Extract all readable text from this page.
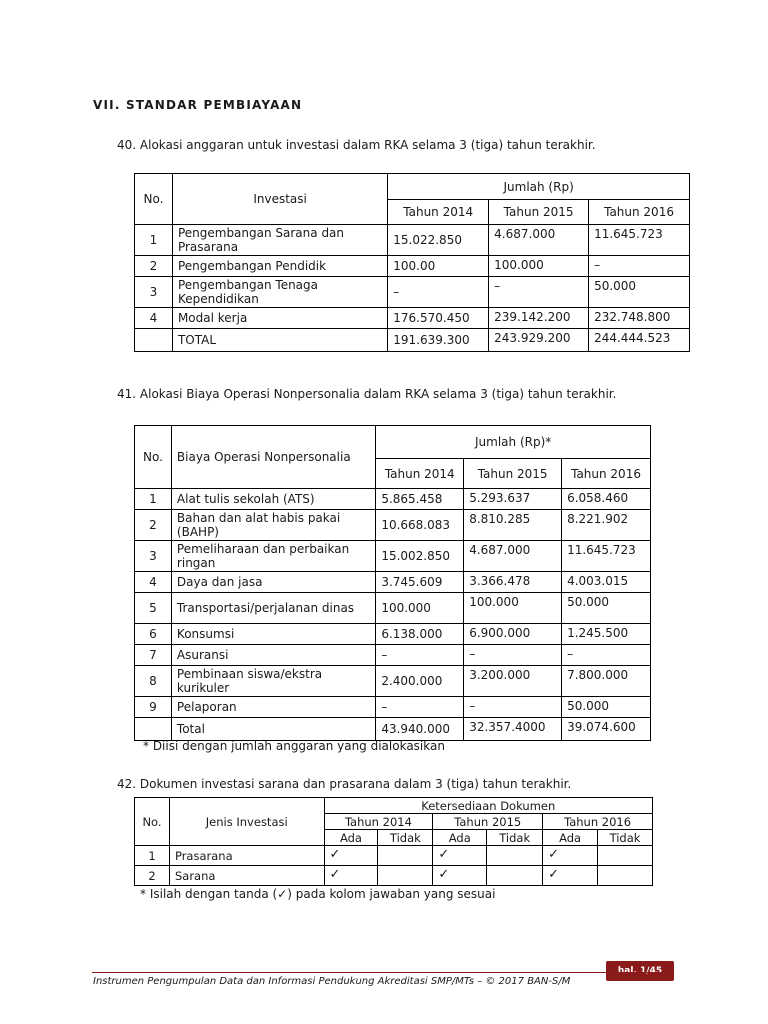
VII. STANDAR PEMBIAYAAN
40. Alokasi anggaran untuk investasi dalam RKA selama 3 (tiga) tahun terakhir.
No.	Investasi	Jumlah (Rp)		
		Tahun 2014	Tahun 2015	Tahun 2016
1	Pengembangan Sarana dan Prasarana	15.022.850	4.687.000	11.645.723
2	Pengembangan Pendidik	100.00	100.000	–
3	Pengembangan Tenaga Kependidikan	–	–	50.000
4	Modal kerja	176.570.450	239.142.200	232.748.800
	TOTAL	191.639.300	243.929.200	244.444.523
41. Alokasi Biaya Operasi Nonpersonalia dalam RKA selama 3 (tiga) tahun terakhir.
No.	Biaya Operasi Nonpersonalia	Jumlah (Rp)*		
		Tahun 2014	Tahun 2015	Tahun 2016
1	Alat tulis sekolah (ATS)	5.865.458	5.293.637	6.058.460
2	Bahan dan alat habis pakai (BAHP)	10.668.083	8.810.285	8.221.902
3	Pemeliharaan dan perbaikan ringan	15.002.850	4.687.000	11.645.723
4	Daya dan jasa	3.745.609	3.366.478	4.003.015
5	Transportasi/perjalanan dinas	100.000	100.000	50.000
6	Konsumsi	6.138.000	6.900.000	1.245.500
7	Asuransi	–	–	–
8	Pembinaan siswa/ekstra kurikuler	2.400.000	3.200.000	7.800.000
9	Pelaporan	–	–	50.000
	Total	43.940.000	32.357.4000	39.074.600
* Diisi dengan jumlah anggaran yang dialokasikan
42. Dokumen investasi sarana dan prasarana dalam 3 (tiga) tahun terakhir.
No.	Jenis Investasi	Ketersediaan Dokumen					
		Tahun 2014		Tahun 2015		Tahun 2016	
		Ada	Tidak	Ada	Tidak	Ada	Tidak
1	Prasarana	✓		✓		✓	
2	Sarana	✓		✓		✓	
* Isilah dengan tanda (✓) pada kolom jawaban yang sesuai
hal. 1/45
Instrumen Pengumpulan Data dan Informasi Pendukung Akreditasi SMP/MTs – © 2017 BAN-S/M
